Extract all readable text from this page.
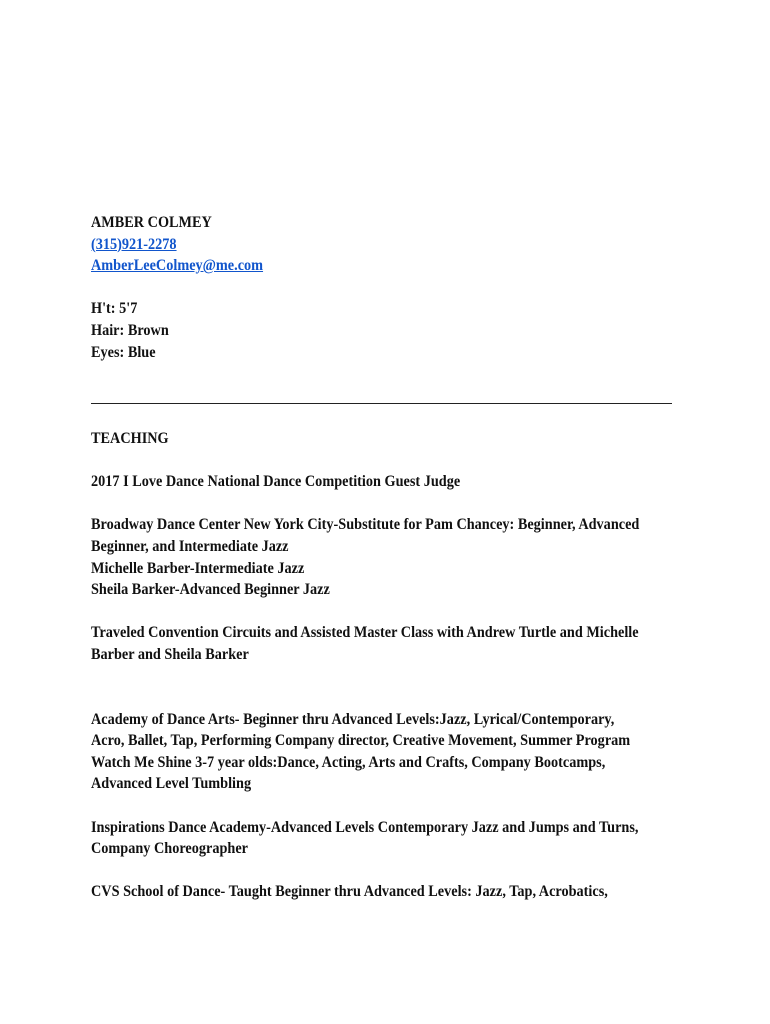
AMBER COLMEY
(315)921-2278
AmberLeeColmey@me.com
H't: 5'7
Hair: Brown
Eyes: Blue
TEACHING
2017 I Love Dance National Dance Competition Guest Judge
Broadway Dance Center New York City-Substitute for Pam Chancey: Beginner, Advanced
Beginner, and Intermediate Jazz
Michelle Barber-Intermediate Jazz
Sheila Barker-Advanced Beginner Jazz
Traveled Convention Circuits and Assisted Master Class with Andrew Turtle and Michelle
Barber and Sheila Barker
Academy of Dance Arts- Beginner thru Advanced Levels:Jazz, Lyrical/Contemporary,
Acro, Ballet, Tap, Performing Company director, Creative Movement, Summer Program
Watch Me Shine 3-7 year olds:Dance, Acting, Arts and Crafts, Company Bootcamps,
Advanced Level Tumbling
Inspirations Dance Academy-Advanced Levels Contemporary Jazz and Jumps and Turns,
Company Choreographer
CVS School of Dance- Taught Beginner thru Advanced Levels: Jazz, Tap, Acrobatics,
